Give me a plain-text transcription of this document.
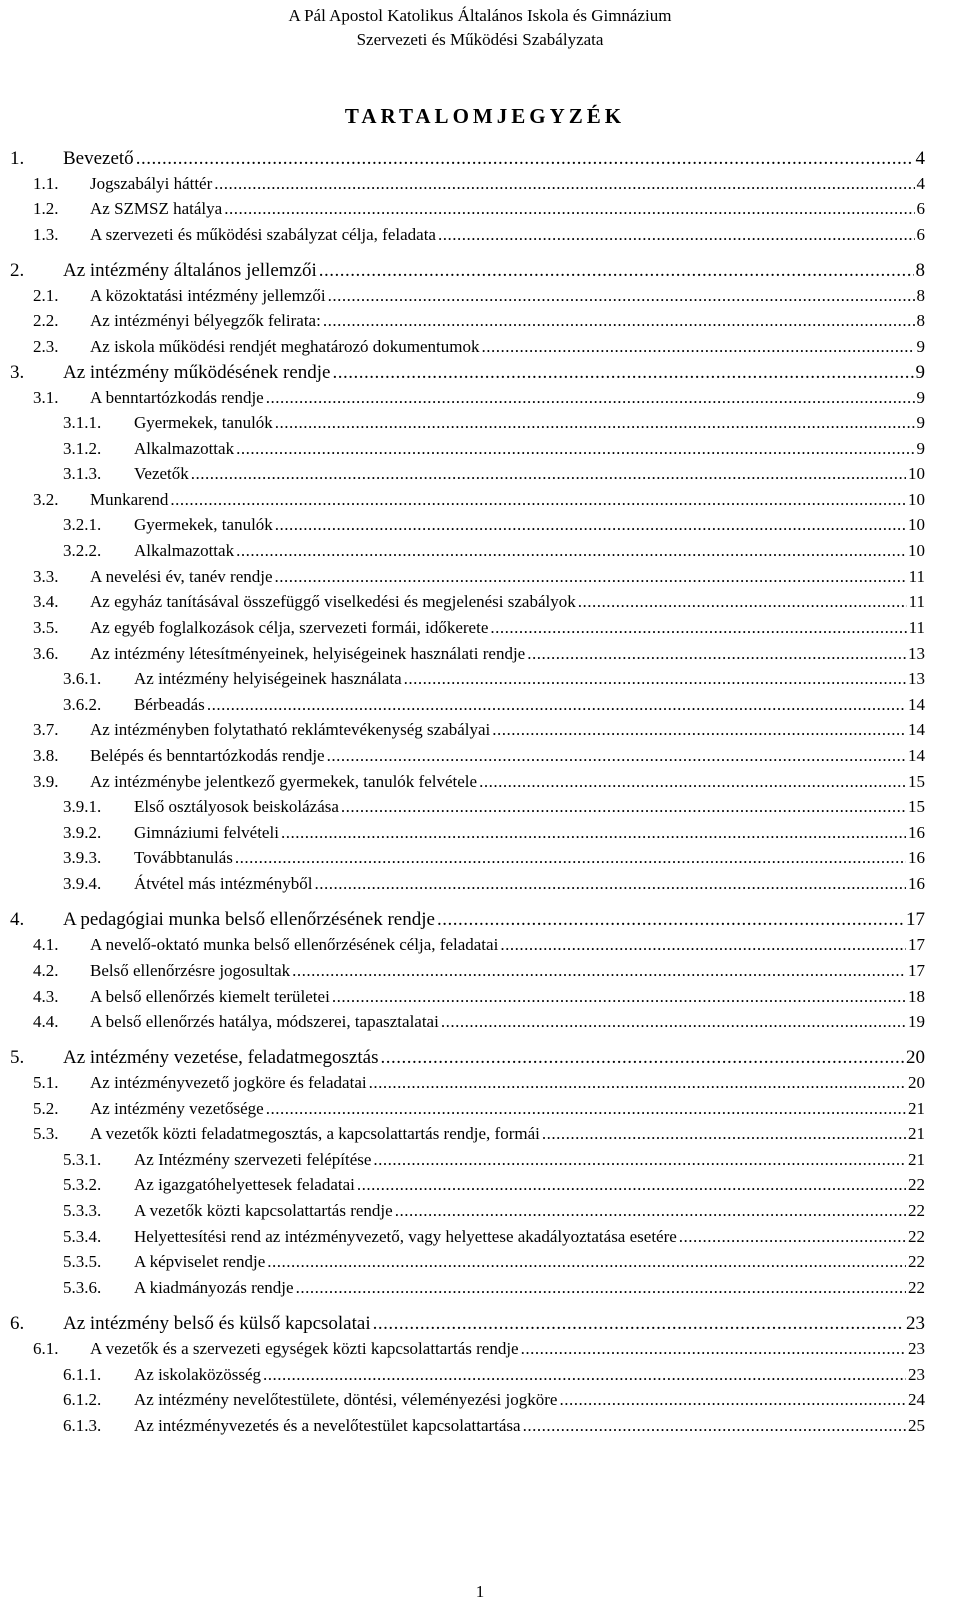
A Pál Apostol Katolikus Általános Iskola és Gimnázium
Szervezeti és Működési Szabályzata
TARTALOMJEGYZÉK
1. Bevezető .....	4
1.1. Jogszabályi háttér .....	4
1.2. Az SZMSZ hatálya .....	6
1.3. A szervezeti és működési szabályzat célja, feladata .....	6
2. Az intézmény általános jellemzői .....	8
2.1. A közoktatási intézmény jellemzői .....	8
2.2. Az intézményi bélyegzők felirata: .....	8
2.3. Az iskola működési rendjét meghatározó dokumentumok .....	9
3. Az intézmény működésének rendje .....	9
3.1. A benntartózkodás rendje .....	9
3.1.1. Gyermekek, tanulók .....	9
3.1.2. Alkalmazottak .....	9
3.1.3. Vezetők .....	10
3.2. Munkarend .....	10
3.2.1. Gyermekek, tanulók .....	10
3.2.2. Alkalmazottak .....	10
3.3. A nevelési év, tanév rendje .....	11
3.4. Az egyház tanításával összefüggő viselkedési és megjelenési szabályok .....	11
3.5. Az egyéb foglalkozások célja, szervezeti formái, időkerete .....	11
3.6. Az intézmény létesítményeinek, helyiségeinek használati rendje .....	13
3.6.1. Az intézmény helyiségeinek használata .....	13
3.6.2. Bérbeadás .....	14
3.7. Az intézményben folytatható reklámtevékenység szabályai .....	14
3.8. Belépés és benntartózkodás rendje .....	14
3.9. Az intézménybe jelentkező gyermekek, tanulók felvétele .....	15
3.9.1. Első osztályosok beiskolázása .....	15
3.9.2. Gimnáziumi felvételi .....	16
3.9.3. Továbbtanulás .....	16
3.9.4. Átvétel más intézményből .....	16
4. A pedagógiai munka belső ellenőrzésének rendje .....	17
4.1. A nevelő-oktató munka belső ellenőrzésének célja, feladatai .....	17
4.2. Belső ellenőrzésre jogosultak .....	17
4.3. A belső ellenőrzés kiemelt területei .....	18
4.4. A belső ellenőrzés hatálya, módszerei, tapasztalatai .....	19
5. Az intézmény vezetése, feladatmegosztás .....	20
5.1. Az intézményvezető jogköre és feladatai .....	20
5.2. Az intézmény vezetősége .....	21
5.3. A vezetők közti feladatmegosztás, a kapcsolattartás rendje, formái .....	21
5.3.1. Az Intézmény szervezeti felépítése .....	21
5.3.2. Az igazgatóhelyettesek feladatai .....	22
5.3.3. A vezetők közti kapcsolattartás rendje .....	22
5.3.4. Helyettesítési rend az intézményvezető, vagy helyettese akadályoztatása esetére .....	22
5.3.5. A képviselet rendje .....	22
5.3.6. A kiadmányozás rendje .....	22
6. Az intézmény belső és külső kapcsolatai .....	23
6.1. A vezetők és a szervezeti egységek közti kapcsolattartás rendje .....	23
6.1.1. Az iskolaközösség .....	23
6.1.2. Az intézmény nevelőtestülete, döntési, véleményezési jogköre .....	24
6.1.3. Az intézményvezetés és a nevelőtestület kapcsolattartása .....	25
1
